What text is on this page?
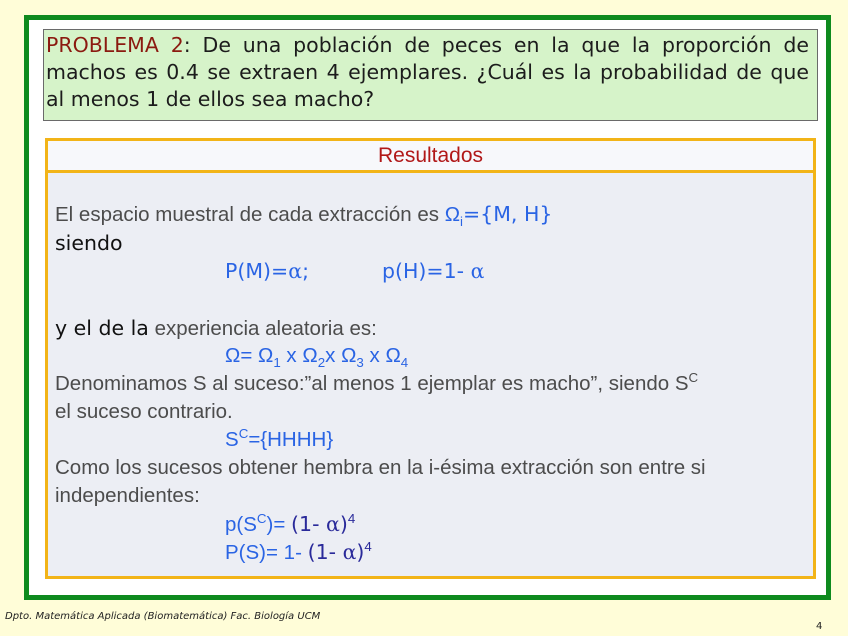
PROBLEMA 2: De una población de peces en la que la proporción de machos es 0.4 se extraen 4 ejemplares. ¿Cuál es la probabilidad de que al menos 1 de ellos sea macho?
Resultados
El espacio muestral de cada extracción es $\Omega_i=\{M$, H}
siendo
P(M)=α;	p(H)=1- α
y el de la experiencia aleatoria es:
$\Omega= \Omega_1$ x $\Omega_2x$ $\Omega_3$ x $\Omega_4$
Denominamos S al suceso:”al menos 1 ejemplar es macho”, siendo $S^C$
el suceso contrario.
$S^C=\{HHHH\}$
Como los sucesos obtener hembra en la i-ésima extracción son entre si
independientes:
$p(S^C)= (1-$ α)$^4$
P(S)= 1- (1- α)$^4$
Dpto. Matemática Aplicada (Biomatemática) Fac. Biología UCM
4
